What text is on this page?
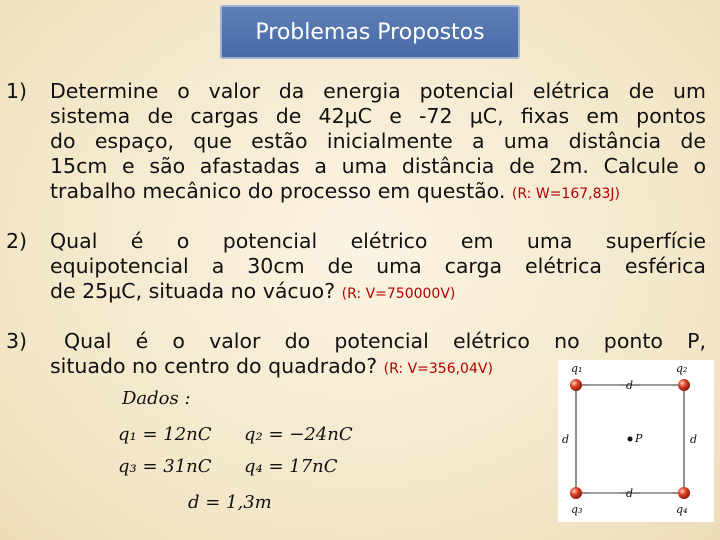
Problemas Propostos
1)	Determine o valor da energia potencial elétrica de um
sistema de cargas de 42μC e -72 μC, fixas em pontos
do espaço, que estão inicialmente a uma distância de
15cm e são afastadas a uma distância de 2m. Calcule o
trabalho mecânico do processo em questão. (R: W=167,83J)
2)	Qual é o potencial elétrico em uma superfície
equipotencial a 30cm de uma carga elétrica esférica
de 25μC, situada no vácuo? (R: V=750000V)
3)	Qual é o valor do potencial elétrico no ponto P,
situado no centro do quadrado? (R: V=356,04V)
Dados :
q₁ = 12nC q₂ = −24nC
q₃ = 31nC q₄ = 17nC
d = 1,3m
q₁	q₂
q₃	q₄
d
d
d	d
P
